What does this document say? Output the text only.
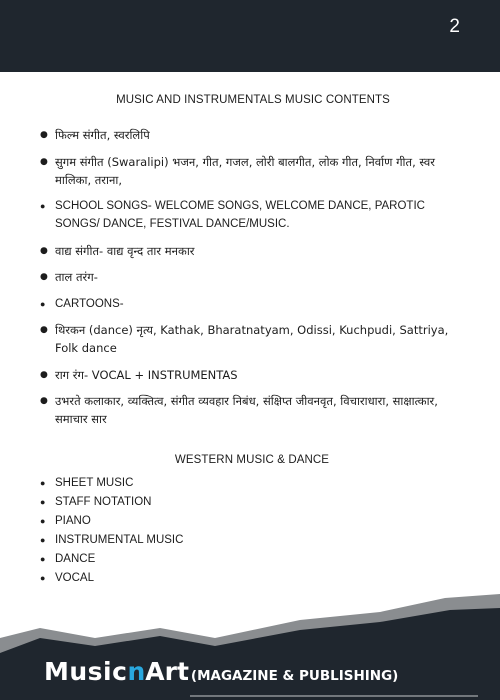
2
MUSIC AND INSTRUMENTALS MUSIC CONTENTS
● फिल्म संगीत, स्वरलिपि
● सुगम संगीत (Swaralipi) भजन, गीत, गजल, लोरी बालगीत, लोक गीत, निर्वाण गीत, स्वर मालिका, तराना,
● SCHOOL SONGS- WELCOME SONGS, WELCOME DANCE, PAROTIC SONGS/ DANCE, FESTIVAL DANCE/MUSIC.
● वाद्य संगीत- वाद्य वृन्द तार मनकार
● ताल तरंग-
● CARTOONS-
● थिरकन (dance) नृत्य, Kathak, Bharatnatyam, Odissi, Kuchpudi, Sattriya, Folk dance
● राग रंग- VOCAL + INSTRUMENTAS
● उभरते कलाकार, व्यक्तित्व, संगीत व्यवहार निबंध, संक्षिप्त जीवनवृत, विचाराधारा, साक्षात्कार, समाचार सार
WESTERN MUSIC & DANCE
● SHEET MUSIC
● STAFF NOTATION
● PIANO
● INSTRUMENTAL MUSIC
● DANCE
● VOCAL
MusicnArt (MAGAZINE & PUBLISHING)
